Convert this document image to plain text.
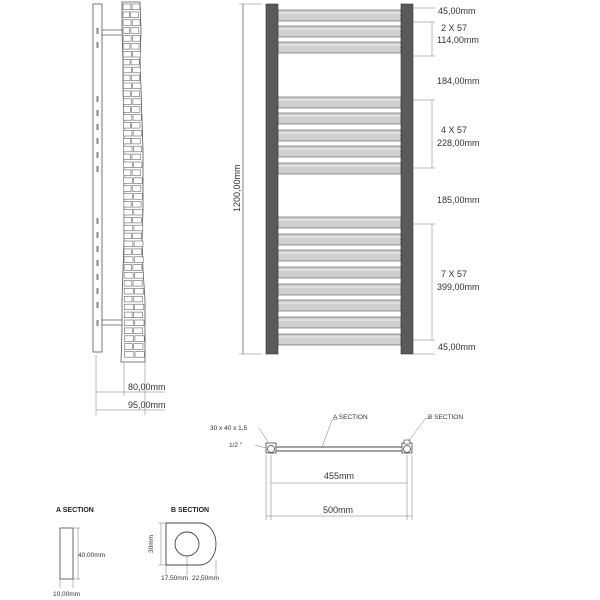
80,00mm
95,00mm
1200,00mm
45,00mm
2 X 57
114,00mm
184,00mm
4 X 57
228,00mm
185,00mm
7 X 57
399,00mm
45,00mm
30 x 40 x 1,5
1/2 "
A SECTION	B SECTION
455mm
500mm
A SECTION
40,00mm
10,00mm
B SECTION
30mm
17,50mm 22,50mm
